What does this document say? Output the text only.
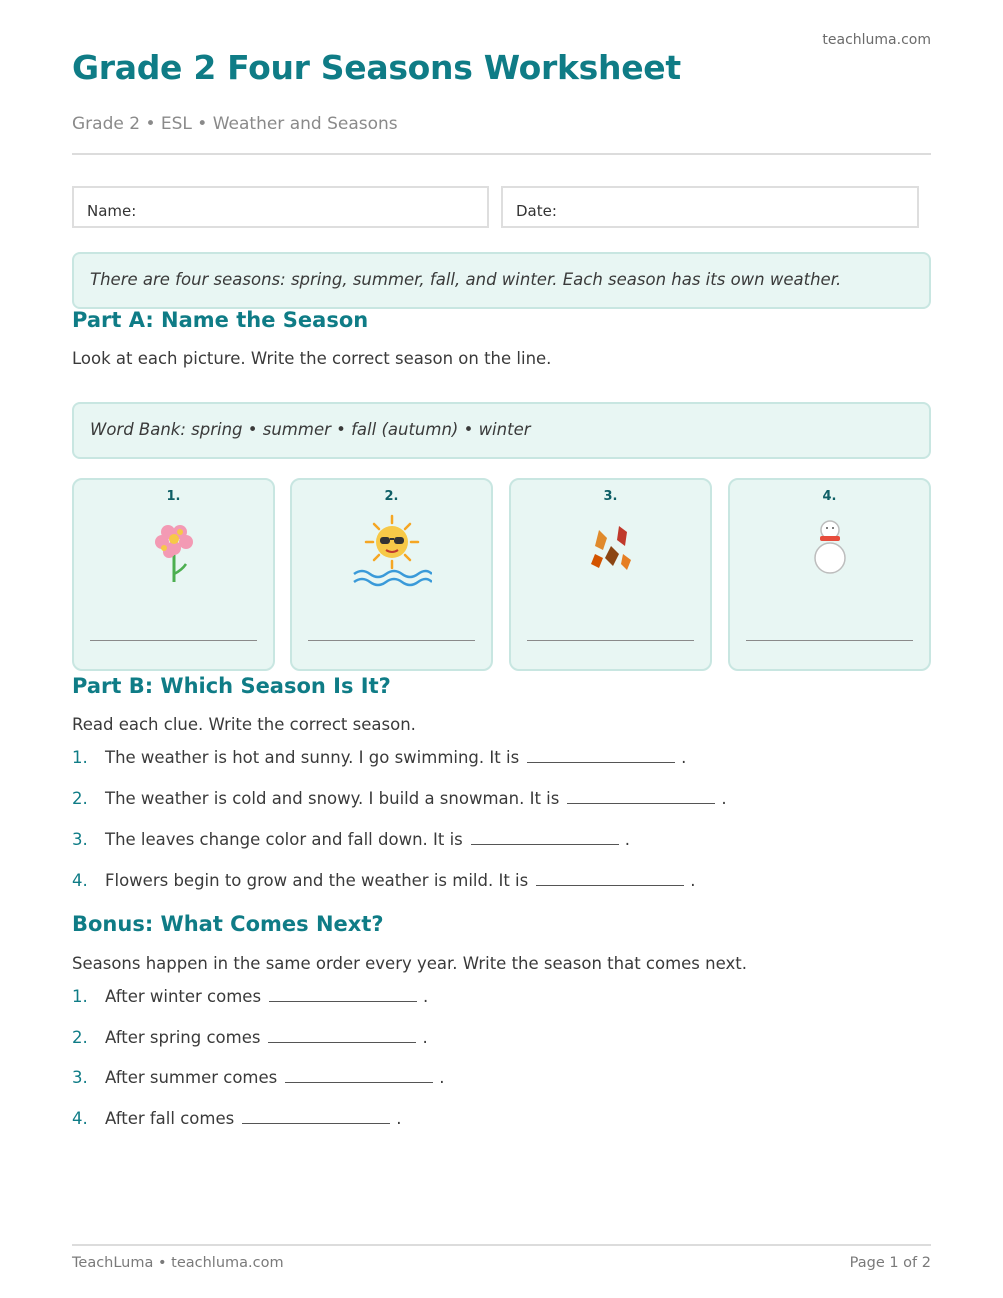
teachluma.com
Grade 2 Four Seasons Worksheet
Grade 2 • ESL • Weather and Seasons
Name:	Date:
There are four seasons: spring, summer, fall, and winter. Each season has its own weather.
Part A: Name the Season
Look at each picture. Write the correct season on the line.
Word Bank: spring • summer • fall (autumn) • winter
1.	2.	3.	4.
Part B: Which Season Is It?
Read each clue. Write the correct season.
1. The weather is hot and sunny. I go swimming. It is	.
2. The weather is cold and snowy. I build a snowman. It is	.
3. The leaves change color and fall down. It is	.
4. Flowers begin to grow and the weather is mild. It is	.
Bonus: What Comes Next?
Seasons happen in the same order every year. Write the season that comes next.
1. After winter comes	.
2. After spring comes	.
3. After summer comes	.
4. After fall comes	.
TeachLuma • teachluma.com	Page 1 of 2
